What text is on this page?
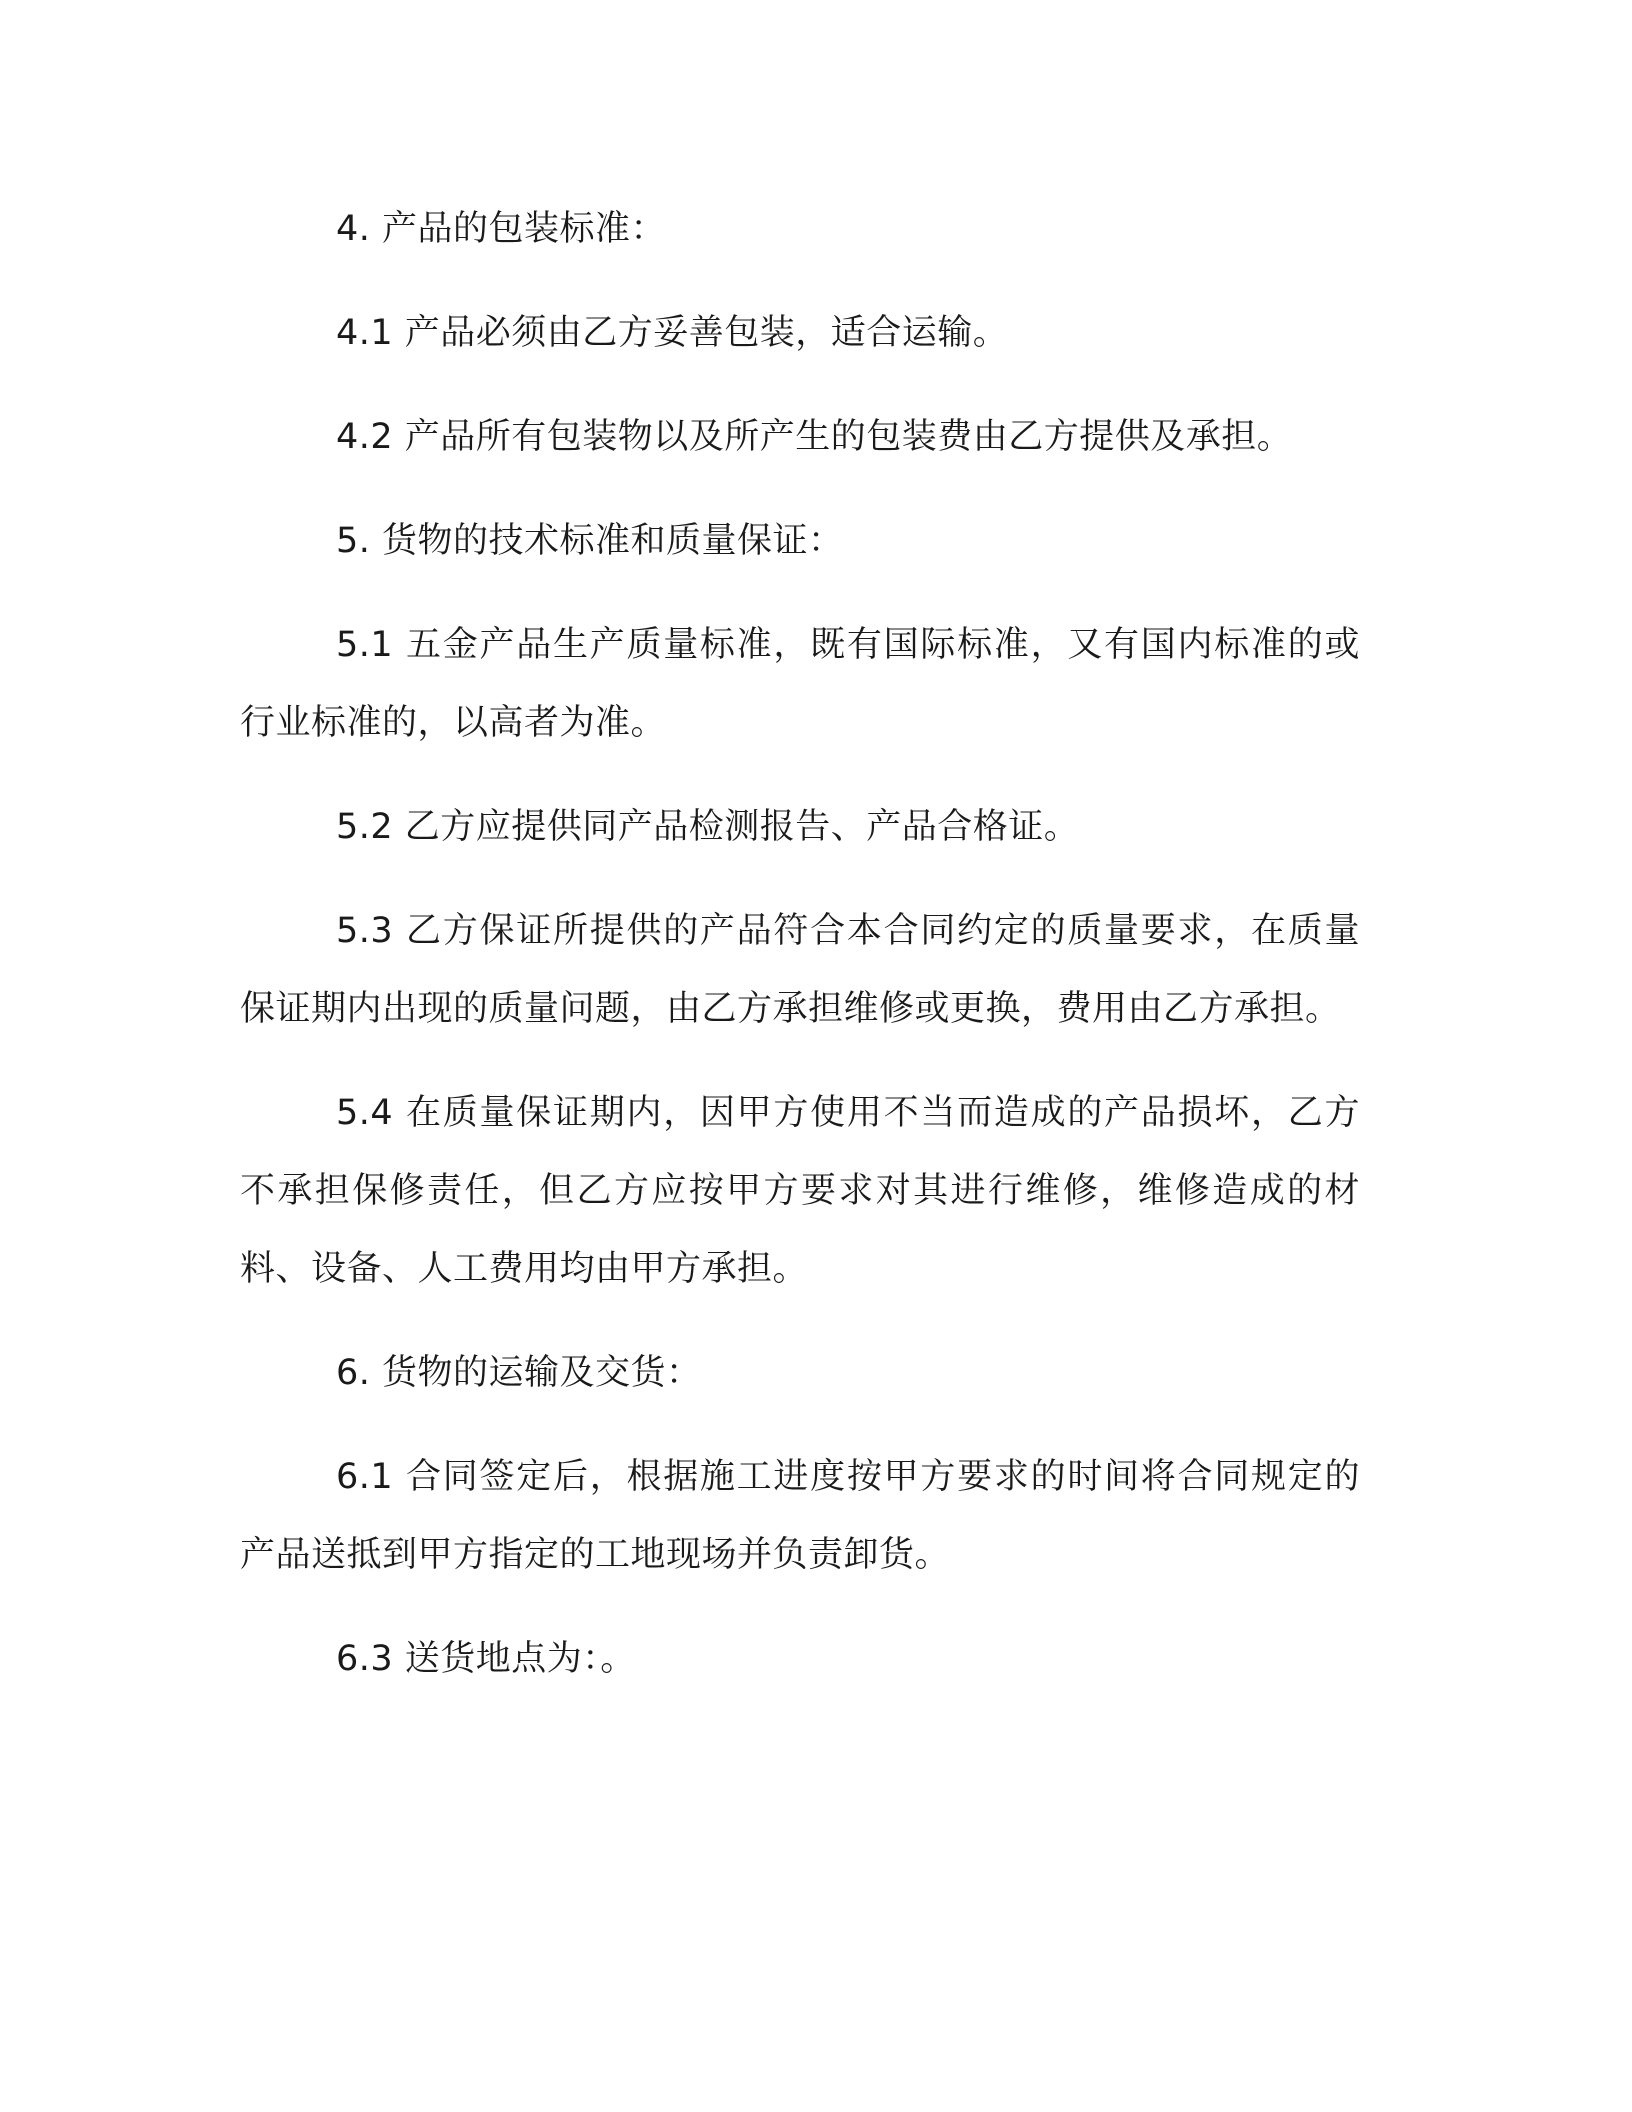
4. 产品的包装标准：

4.1 产品必须由乙方妥善包装，适合运输。

4.2 产品所有包装物以及所产生的包装费由乙方提供及承担。

5. 货物的技术标准和质量保证：

5.1 五金产品生产质量标准，既有国际标准，又有国内标准的或行业标准的，以高者为准。

5.2 乙方应提供同产品检测报告、产品合格证。

5.3 乙方保证所提供的产品符合本合同约定的质量要求，在质量保证期内出现的质量问题，由乙方承担维修或更换，费用由乙方承担。

5.4 在质量保证期内，因甲方使用不当而造成的产品损坏，乙方不承担保修责任，但乙方应按甲方要求对其进行维修，维修造成的材料、设备、人工费用均由甲方承担。

6. 货物的运输及交货：

6.1 合同签定后，根据施工进度按甲方要求的时间将合同规定的产品送抵到甲方指定的工地现场并负责卸货。

6.3 送货地点为：。
